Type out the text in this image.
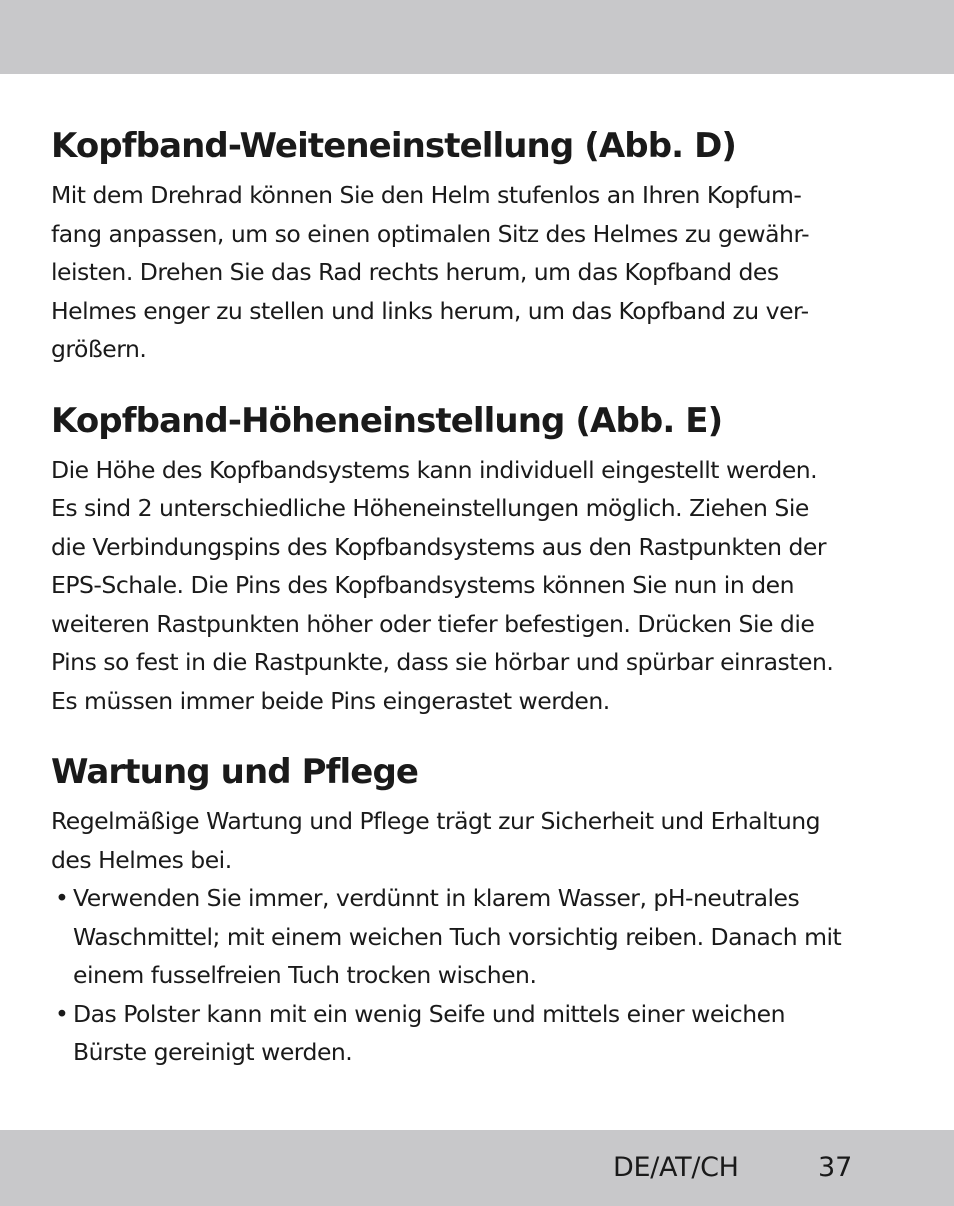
Kopfband-Weiteneinstellung (Abb. D)

Mit dem Drehrad können Sie den Helm stufenlos an Ihren Kopfum-
fang anpassen, um so einen optimalen Sitz des Helmes zu gewähr-
leisten. Drehen Sie das Rad rechts herum, um das Kopfband des
Helmes enger zu stellen und links herum, um das Kopfband zu ver-
größern.

Kopfband-Höheneinstellung (Abb. E)

Die Höhe des Kopfbandsystems kann individuell eingestellt werden.
Es sind 2 unterschiedliche Höheneinstellungen möglich. Ziehen Sie
die Verbindungspins des Kopfbandsystems aus den Rastpunkten der
EPS-Schale. Die Pins des Kopfbandsystems können Sie nun in den
weiteren Rastpunkten höher oder tiefer befestigen. Drücken Sie die
Pins so fest in die Rastpunkte, dass sie hörbar und spürbar einrasten.
Es müssen immer beide Pins eingerastet werden.

Wartung und Pflege

Regelmäßige Wartung und Pflege trägt zur Sicherheit und Erhaltung
des Helmes bei.

• Verwenden Sie immer, verdünnt in klarem Wasser, pH-neutrales
Waschmittel; mit einem weichen Tuch vorsichtig reiben. Danach mit
einem fusselfreien Tuch trocken wischen.
• Das Polster kann mit ein wenig Seife und mittels einer weichen
Bürste gereinigt werden.
DE/AT/CH	37
